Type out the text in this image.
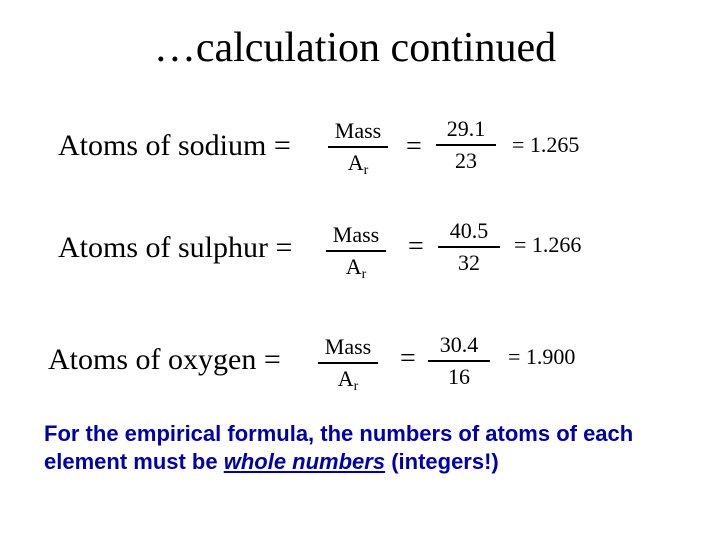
…calculation continued
Atoms of sodium =	Mass
$A_r$
=
29.1
23
= 1.265
Atoms of sulphur =	Mass
$A_r$
=
40.5
32
= 1.266
Atoms of oxygen =	Mass
$A_r$
=	30.4
16
= 1.900
For the empirical formula, the numbers of atoms of each element must be whole numbers (integers!)
